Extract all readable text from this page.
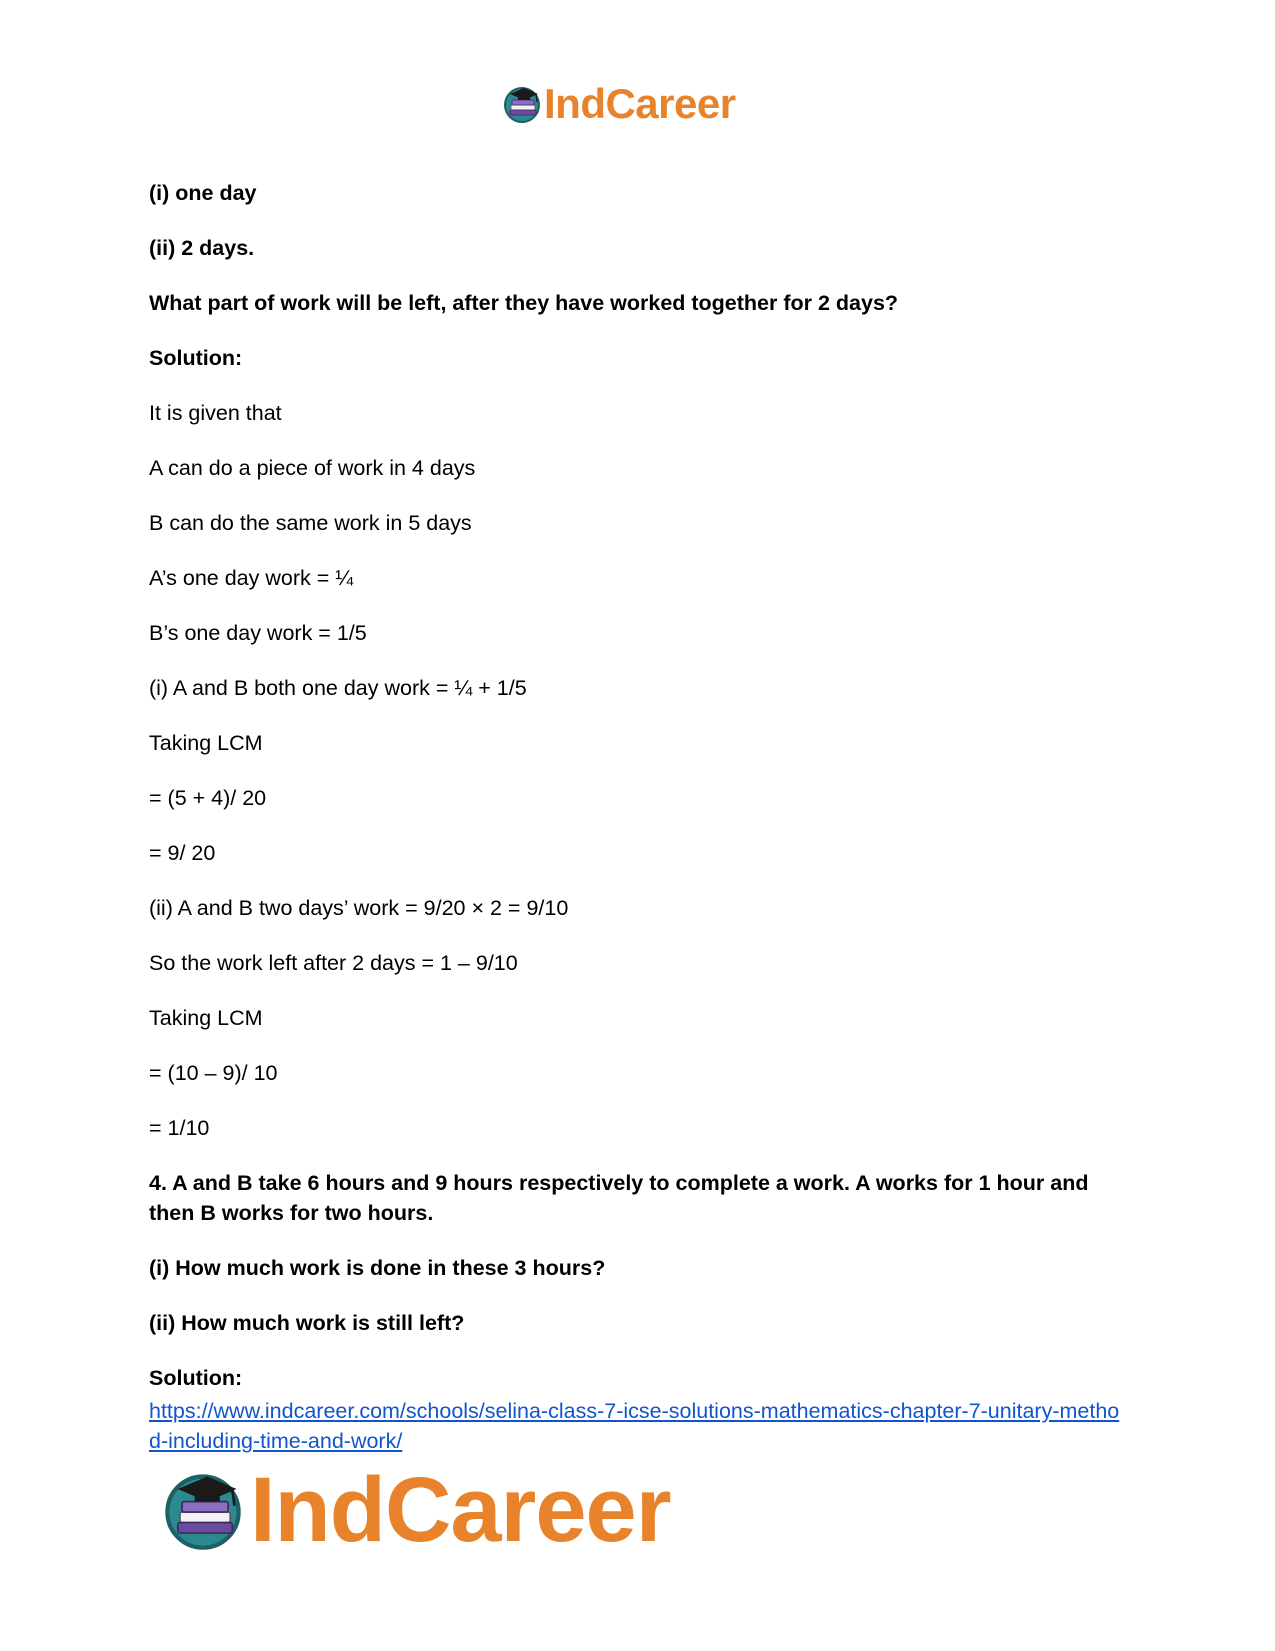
IndCareer

(i) one day

(ii) 2 days.

What part of work will be left, after they have worked together for 2 days?

Solution:

It is given that

A can do a piece of work in 4 days

B can do the same work in 5 days

A’s one day work = ¼

B’s one day work = 1/5

(i) A and B both one day work = ¼ + 1/5

Taking LCM

= (5 + 4)/ 20

= 9/ 20

(ii) A and B two days’ work = 9/20 × 2 = 9/10

So the work left after 2 days = 1 – 9/10

Taking LCM

= (10 – 9)/ 10

= 1/10

4. A and B take 6 hours and 9 hours respectively to complete a work. A works for 1 hour and then B works for two hours.

(i) How much work is done in these 3 hours?

(ii) How much work is still left?

Solution:

https://www.indcareer.com/schools/selina-class-7-icse-solutions-mathematics-chapter-7-unitary-method-including-time-and-work/
IndCareer
